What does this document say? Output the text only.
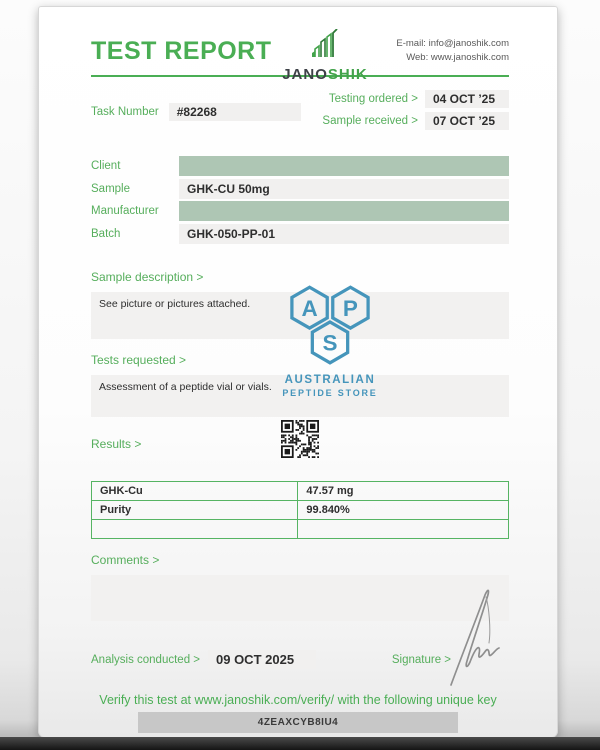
TEST REPORT
JANOSHIK
E-mail: info@janoshik.com
Web: www.janoshik.com
Task Number	#82268
Testing ordered >	04 OCT ’25
Sample received >	07 OCT ’25
Client
Sample	GHK-CU 50mg
Manufacturer
Batch	GHK-050-PP-01
Sample description >
See picture or pictures attached.
Tests requested >
Assessment of a peptide vial or vials.
Results >
GHK-Cu	47.57 mg
Purity	99.840%

Comments >
Analysis conducted >	09 OCT 2025	Signature >
A P
S
AUSTRALIAN
PEPTIDE STORE
Verify this test at www.janoshik.com/verify/ with the following unique key
4ZEAXCYB8IU4
